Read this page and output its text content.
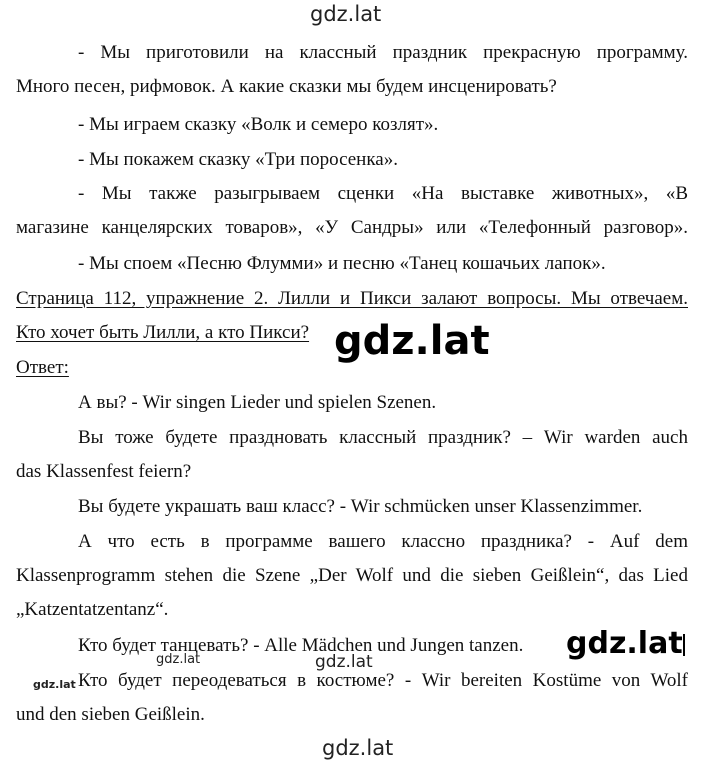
gdz.lat
- Мы приготовили на классный праздник прекрасную программу.
Много песен, рифмовок. А какие сказки мы будем инсценировать?
- Мы играем сказку «Волк и семеро козлят».
- Мы покажем сказку «Три поросенка».
- Мы также разыгрываем сценки «На выставке животных», «В
магазине канцелярских товаров», «У Сандры» или «Телефонный разговор».
- Мы споем «Песню Флумми» и песню «Танец кошачьих лапок».
Страница 112, упражнение 2. Лилли и Пикси залают вопросы. Мы отвечаем.
Кто хочет быть Лилли, а кто Пикси? gdz.lat
Ответ:
А вы? - Wir singen Lieder und spielen Szenen.
Вы тоже будете праздновать классный праздник? – Wir warden auch
das Klassenfest feiern?
Вы будете украшать ваш класс? - Wir schmücken unser Klassenzimmer.
А что есть в программе вашего классно праздника? - Auf dem
Klassenprogramm stehen die Szene „Der Wolf und die sieben Geißlein“, das Lied
„Katzentatzentanz“.
Кто будет танцевать? - Alle Mädchen und Jungen tanzen. gdz.lat
gdz.lat	gdz.lat
Кто будет переодеваться в костюме? - Wir bereiten Kostüme von Wolf
gdz.lat
und den sieben Geißlein.
gdz.lat
